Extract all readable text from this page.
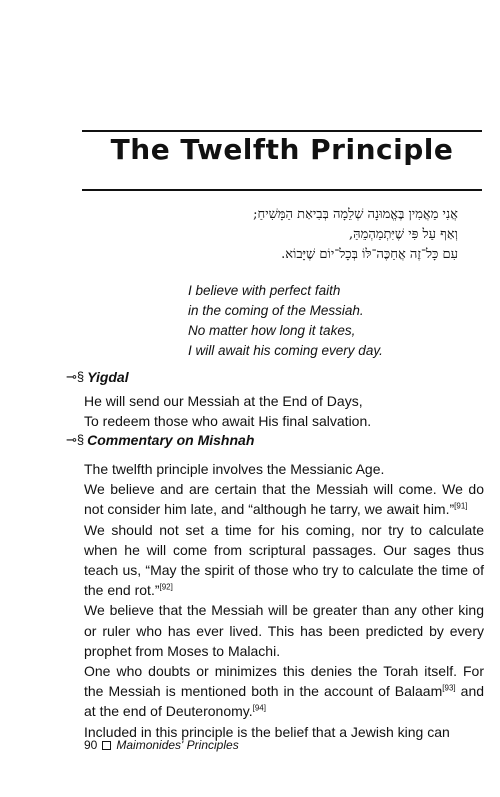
The Twelfth Principle
אֲנִי מַאֲמִין בֶּאֱמוּנָה שְׁלֵמָה בְּבִיאַת הַמָּשִׁיחַ;
וְאַף עַל פִּי שֶׁיִּתְמַהְמֵהַּ,
עִם כָּל־זֶה אֲחַכֶּה־לּוֹ בְּכָל־יוֹם שֶׁיָּבוֹא.
I believe with perfect faith
in the coming of the Messiah.
No matter how long it takes,
I will await his coming every day.
⊸§ Yigdal
He will send our Messiah at the End of Days,
To redeem those who await His final salvation.
⊸§ Commentary on Mishnah

The twelfth principle involves the Messianic Age.

We believe and are certain that the Messiah will come. We do not consider him late, and “although he tarry, we await him.”[91]

We should not set a time for his coming, nor try to calculate when he will come from scriptural passages. Our sages thus teach us, “May the spirit of those who try to calculate the time of the end rot.”[92]

We believe that the Messiah will be greater than any other king or ruler who has ever lived. This has been predicted by every prophet from Moses to Malachi.

One who doubts or minimizes this denies the Torah itself. For the Messiah is mentioned both in the account of Balaam[93] and at the end of Deuteronomy.[94]

Included in this principle is the belief that a Jewish king can

90 Maimonides' Principles
